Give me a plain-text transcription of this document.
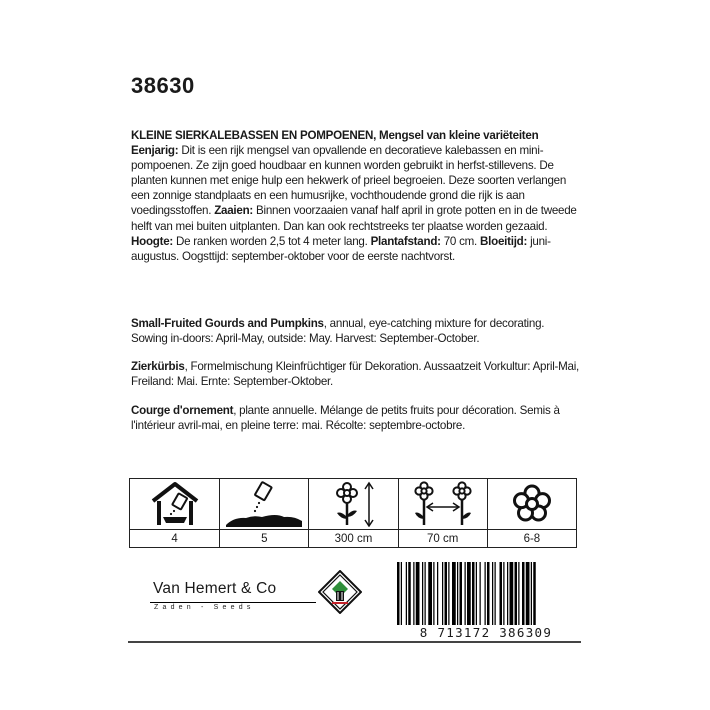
38630
KLEINE SIERKALEBASSEN EN POMPOENEN, Mengsel van kleine variëteiten
Eenjarig: Dit is een rijk mengsel van opvallende en decoratieve kalebassen en mini-pompoenen. Ze zijn goed houdbaar en kunnen worden gebruikt in herfst-stillevens. De planten kunnen met enige hulp een hekwerk of prieel begroeien. Deze soorten verlangen een zonnige standplaats en een humusrijke, vochthoudende grond die rijk is aan voedingsstoffen. Zaaien: Binnen voorzaaien vanaf half april in grote potten en in de tweede helft van mei buiten uitplanten. Dan kan ook rechtstreeks ter plaatse worden gezaaid. Hoogte: De ranken worden 2,5 tot 4 meter lang. Plantafstand: 70 cm. Bloeitijd: juni-augustus. Oogsttijd: september-oktober voor de eerste nachtvorst.
Small-Fruited Gourds and Pumpkins, annual, eye-catching mixture for decorating. Sowing in-doors: April-May, outside: May. Harvest: September-October.
Zierkürbis, Formelmischung Kleinfrüchtiger für Dekoration. Aussaatzeit Vorkultur: April-Mai, Freiland: Mai. Ernte: September-Oktober.
Courge d'ornement, plante annuelle. Mélange de petits fruits pour décoration. Semis à l'intérieur avril-mai, en pleine terre: mai. Récolte: septembre-octobre.
4	5	300 cm	70 cm	6-8
Van Hemert & Co
Zaden - Seeds
8 713172 386309
